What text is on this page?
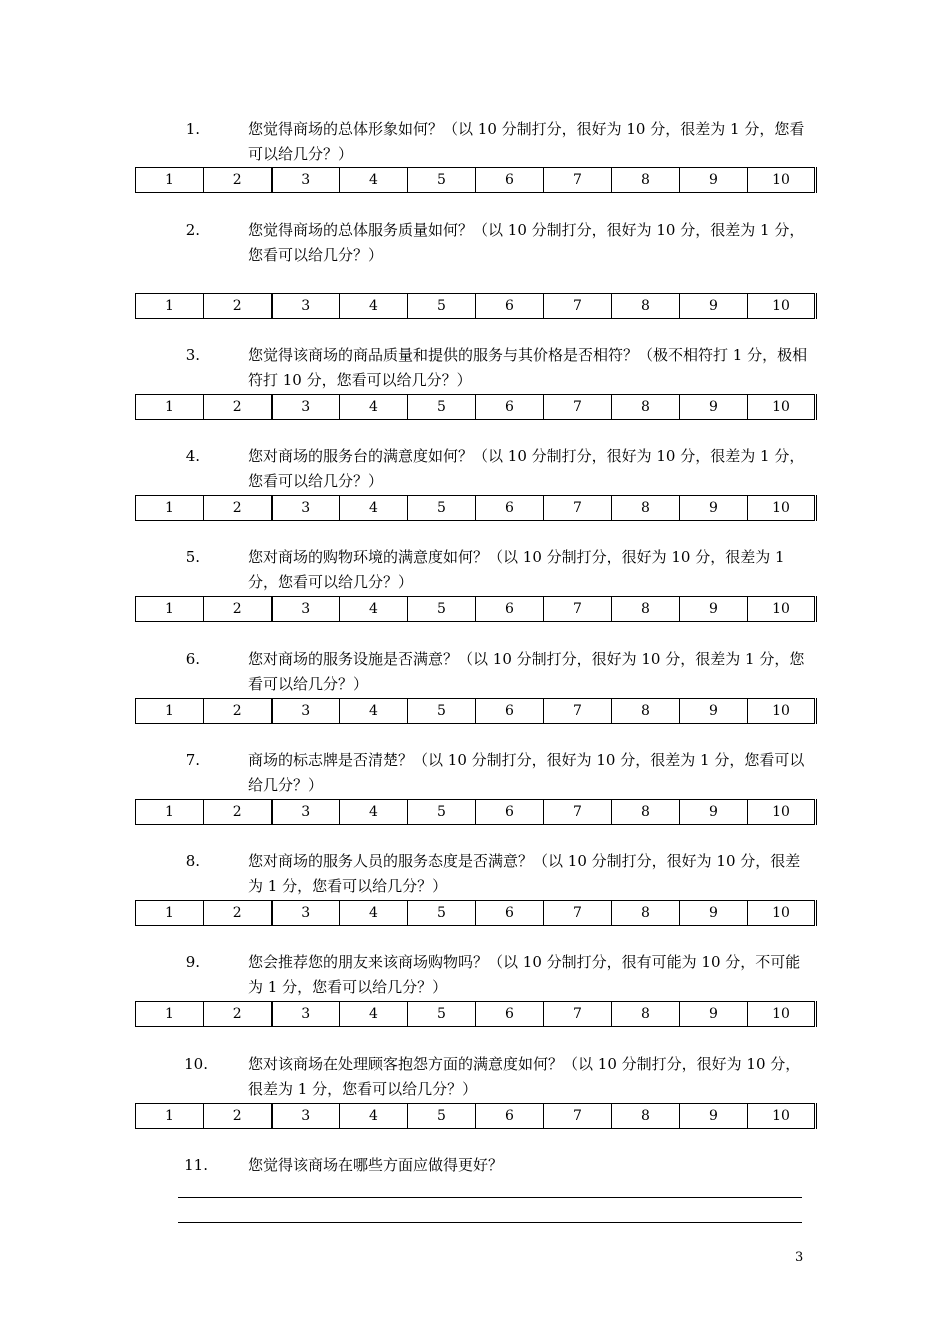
1.	您觉得商场的总体形象如何？（以 10 分制打分，很好为 10 分，很差为 1 分，您看可以给几分？）
1	2	3	4	5	6	7	8	9	10
2.	您觉得商场的总体服务质量如何？（以 10 分制打分，很好为 10 分，很差为 1 分，您看可以给几分？）
1	2	3	4	5	6	7	8	9	10
3.	您觉得该商场的商品质量和提供的服务与其价格是否相符？（极不相符打 1 分，极相符打 10 分，您看可以给几分？）
1	2	3	4	5	6	7	8	9	10
4.	您对商场的服务台的满意度如何？（以 10 分制打分，很好为 10 分，很差为 1 分，您看可以给几分？）
1	2	3	4	5	6	7	8	9	10
5.	您对商场的购物环境的满意度如何？（以 10 分制打分，很好为 10 分，很差为 1 分，您看可以给几分？）
1	2	3	4	5	6	7	8	9	10
6.	您对商场的服务设施是否满意？（以 10 分制打分，很好为 10 分，很差为 1 分，您看可以给几分？）
1	2	3	4	5	6	7	8	9	10
7.	商场的标志牌是否清楚？（以 10 分制打分，很好为 10 分，很差为 1 分，您看可以给几分？）
1	2	3	4	5	6	7	8	9	10
8.	您对商场的服务人员的服务态度是否满意？（以 10 分制打分，很好为 10 分，很差为 1 分，您看可以给几分？）
1	2	3	4	5	6	7	8	9	10
9.	您会推荐您的朋友来该商场购物吗？（以 10 分制打分，很有可能为 10 分，不可能为 1 分，您看可以给几分？）
1	2	3	4	5	6	7	8	9	10
10.	您对该商场在处理顾客抱怨方面的满意度如何？（以 10 分制打分，很好为 10 分，很差为 1 分，您看可以给几分？）
1	2	3	4	5	6	7	8	9	10
11.	您觉得该商场在哪些方面应做得更好？
3
